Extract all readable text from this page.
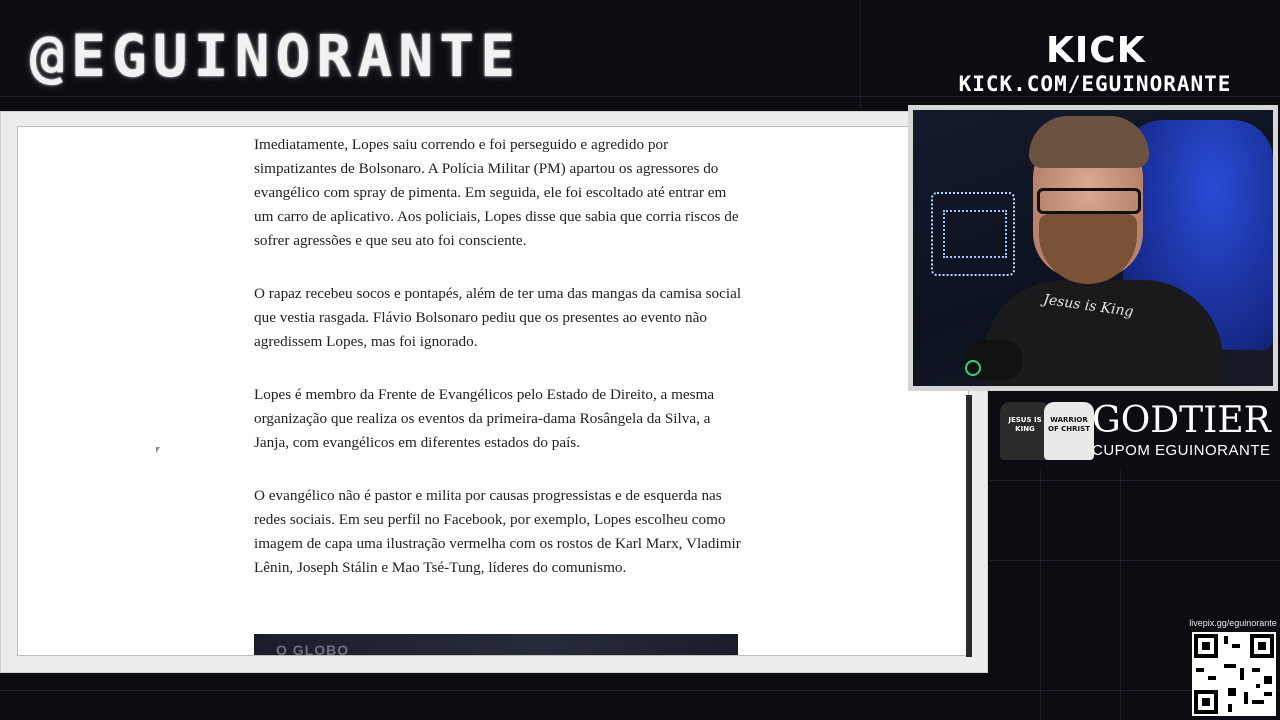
@EGUINORANTE	KICK
KICK.COM/EGUINORANTE

Imediatamente, Lopes saiu correndo e foi perseguido e agredido por simpatizantes de Bolsonaro. A Polícia Militar (PM) apartou os agressores do evangélico com spray de pimenta. Em seguida, ele foi escoltado até entrar em um carro de aplicativo. Aos policiais, Lopes disse que sabia que corria riscos de sofrer agressões e que seu ato foi consciente.

O rapaz recebeu socos e pontapés, além de ter uma das mangas da camisa social que vestia rasgada. Flávio Bolsonaro pediu que os presentes ao evento não agredissem Lopes, mas foi ignorado.

Lopes é membro da Frente de Evangélicos pelo Estado de Direito, a mesma organização que realiza os eventos da primeira-dama Rosângela da Silva, a Janja, com evangélicos em diferentes estados do país.

O evangélico não é pastor e milita por causas progressistas e de esquerda nas redes sociais. Em seu perfil no Facebook, por exemplo, Lopes escolheu como imagem de capa uma ilustração vermelha com os rostos de Karl Marx, Vladimir Lênin, Joseph Stálin e Mao Tsé-Tung, líderes do comunismo.

O GLOBO
Jesus is King
JESUS IS KING
WARRIOR OF CHRIST GODTIER
CUPOM EGUINORANTE
livepix.gg/eguinorante
